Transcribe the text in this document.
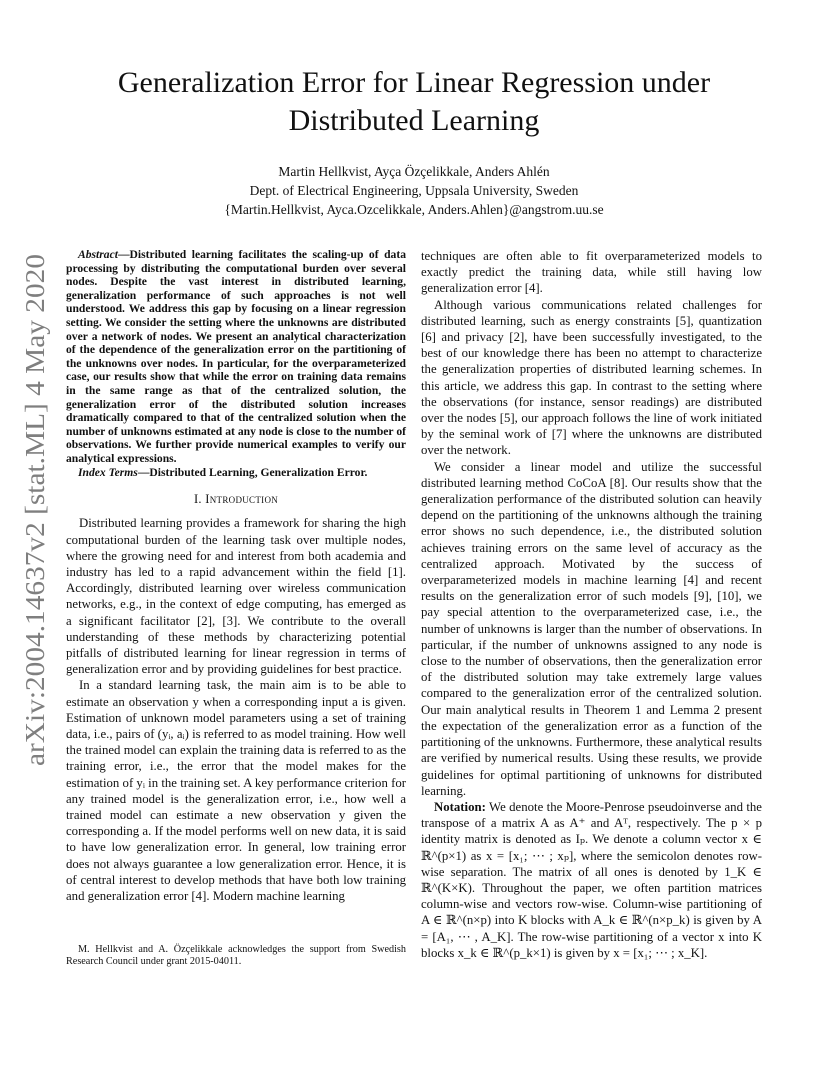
arXiv:2004.14637v2 [stat.ML] 4 May 2020
Generalization Error for Linear Regression under Distributed Learning
Martin Hellkvist, Ayça Özçelikkale, Anders Ahlén
Dept. of Electrical Engineering, Uppsala University, Sweden
{Martin.Hellkvist, Ayca.Ozcelikkale, Anders.Ahlen}@angstrom.uu.se

Abstract—Distributed learning facilitates the scaling-up of data processing by distributing the computational burden over several nodes. Despite the vast interest in distributed learning, generalization performance of such approaches is not well understood. We address this gap by focusing on a linear regression setting. We consider the setting where the unknowns are distributed over a network of nodes. We present an analytical characterization of the dependence of the generalization error on the partitioning of the unknowns over nodes. In particular, for the overparameterized case, our results show that while the error on training data remains in the same range as that of the centralized solution, the generalization error of the distributed solution increases dramatically compared to that of the centralized solution when the number of unknowns estimated at any node is close to the number of observations. We further provide numerical examples to verify our analytical expressions.

Index Terms—Distributed Learning, Generalization Error.

I. Introduction

Distributed learning provides a framework for sharing the high computational burden of the learning task over multiple nodes, where the growing need for and interest from both academia and industry has led to a rapid advancement within the field [1]. Accordingly, distributed learning over wireless communication networks, e.g., in the context of edge computing, has emerged as a significant facilitator [2], [3]. We contribute to the overall understanding of these methods by characterizing potential pitfalls of distributed learning for linear regression in terms of generalization error and by providing guidelines for best practice.

In a standard learning task, the main aim is to be able to estimate an observation y when a corresponding input a is given. Estimation of unknown model parameters using a set of training data, i.e., pairs of (yᵢ, aᵢ) is referred to as model training. How well the trained model can explain the training data is referred to as the training error, i.e., the error that the model makes for the estimation of yᵢ in the training set. A key performance criterion for any trained model is the generalization error, i.e., how well a trained model can estimate a new observation y given the corresponding a. If the model performs well on new data, it is said to have low generalization error. In general, low training error does not always guarantee a low generalization error. Hence, it is of central interest to develop methods that have both low training and generalization error [4]. Modern machine learning

M. Hellkvist and A. Özçelikkale acknowledges the support from Swedish Research Council under grant 2015-04011.

techniques are often able to fit overparameterized models to exactly predict the training data, while still having low generalization error [4].

Although various communications related challenges for distributed learning, such as energy constraints [5], quantization [6] and privacy [2], have been successfully investigated, to the best of our knowledge there has been no attempt to characterize the generalization properties of distributed learning schemes. In this article, we address this gap. In contrast to the setting where the observations (for instance, sensor readings) are distributed over the nodes [5], our approach follows the line of work initiated by the seminal work of [7] where the unknowns are distributed over the network.

We consider a linear model and utilize the successful distributed learning method CoCoA [8]. Our results show that the generalization performance of the distributed solution can heavily depend on the partitioning of the unknowns although the training error shows no such dependence, i.e., the distributed solution achieves training errors on the same level of accuracy as the centralized approach. Motivated by the success of overparameterized models in machine learning [4] and recent results on the generalization error of such models [9], [10], we pay special attention to the overparameterized case, i.e., the number of unknowns is larger than the number of observations. In particular, if the number of unknowns assigned to any node is close to the number of observations, then the generalization error of the distributed solution may take extremely large values compared to the generalization error of the centralized solution. Our main analytical results in Theorem 1 and Lemma 2 present the expectation of the generalization error as a function of the partitioning of the unknowns. Furthermore, these analytical results are verified by numerical results. Using these results, we provide guidelines for optimal partitioning of unknowns for distributed learning.

Notation: We denote the Moore-Penrose pseudoinverse and the transpose of a matrix A as A⁺ and Aᵀ, respectively. The p × p identity matrix is denoted as Iₚ. We denote a column vector x ∈ ℝ^(p×1) as x = [x₁; ⋯ ; xₚ], where the semicolon denotes row-wise separation. The matrix of all ones is denoted by 1_K ∈ ℝ^(K×K). Throughout the paper, we often partition matrices column-wise and vectors row-wise. Column-wise partitioning of A ∈ ℝ^(n×p) into K blocks with A_k ∈ ℝ^(n×p_k) is given by A = [A₁, ⋯ , A_K]. The row-wise partitioning of a vector x into K blocks x_k ∈ ℝ^(p_k×1) is given by x = [x₁; ⋯ ; x_K].
